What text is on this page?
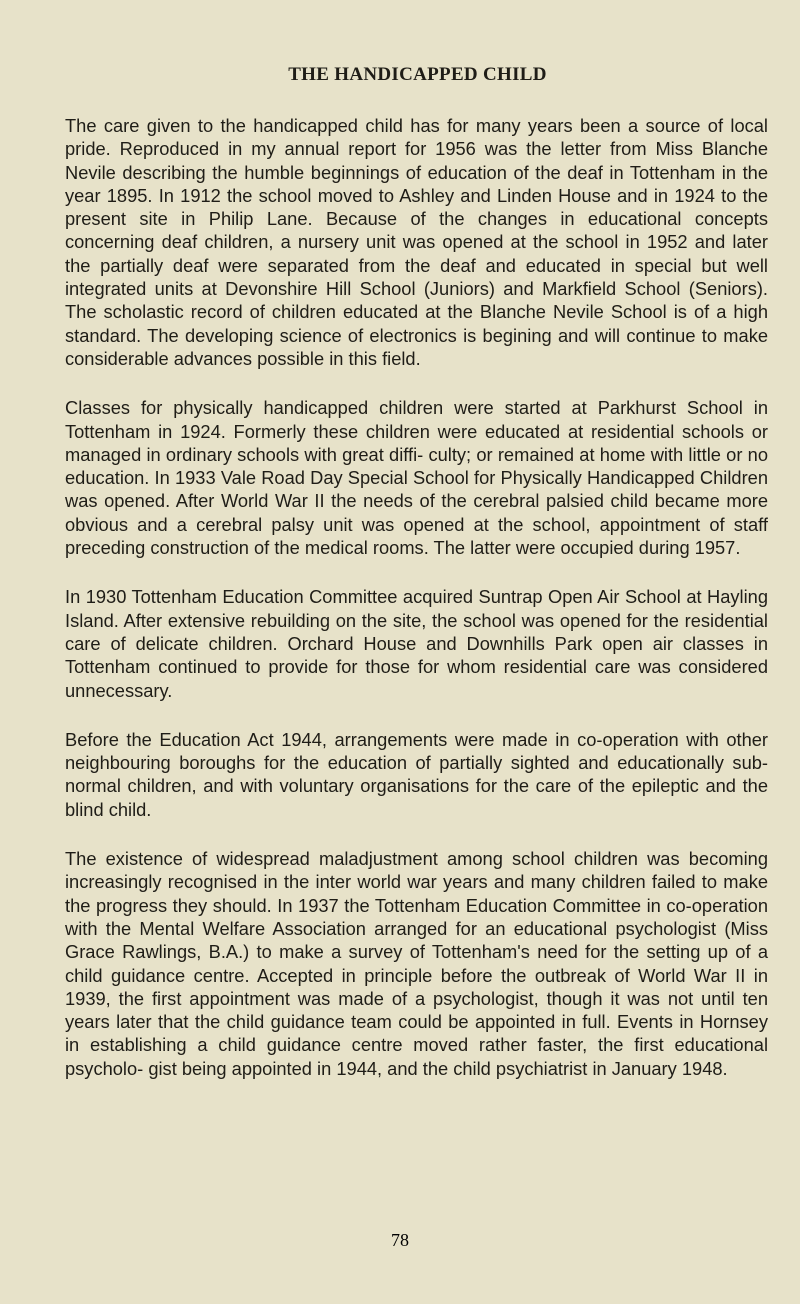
THE HANDICAPPED CHILD

The care given to the handicapped child has for many years been a source of local pride. Reproduced in my annual report for 1956 was the letter from Miss Blanche Nevile describing the humble beginnings of education of the deaf in Tottenham in the year 1895. In 1912 the school moved to Ashley and Linden House and in 1924 to the present site in Philip Lane. Because of the changes in educational concepts concerning deaf children, a nursery unit was opened at the school in 1952 and later the partially deaf were separated from the deaf and educated in special but well integrated units at Devonshire Hill School (Juniors) and Markfield School (Seniors). The scholastic record of children educated at the Blanche Nevile School is of a high standard. The developing science of electronics is begining and will continue to make considerable advances possible in this field.

Classes for physically handicapped children were started at Parkhurst School in Tottenham in 1924. Formerly these children were educated at residential schools or managed in ordinary schools with great diffi- culty; or remained at home with little or no education. In 1933 Vale Road Day Special School for Physically Handicapped Children was opened. After World War II the needs of the cerebral palsied child became more obvious and a cerebral palsy unit was opened at the school, appointment of staff preceding construction of the medical rooms. The latter were occupied during 1957.

In 1930 Tottenham Education Committee acquired Suntrap Open Air School at Hayling Island. After extensive rebuilding on the site, the school was opened for the residential care of delicate children. Orchard House and Downhills Park open air classes in Tottenham continued to provide for those for whom residential care was considered unnecessary.

Before the Education Act 1944, arrangements were made in co-operation with other neighbouring boroughs for the education of partially sighted and educationally sub-normal children, and with voluntary organisations for the care of the epileptic and the blind child.

The existence of widespread maladjustment among school children was becoming increasingly recognised in the inter world war years and many children failed to make the progress they should. In 1937 the Tottenham Education Committee in co-operation with the Mental Welfare Association arranged for an educational psychologist (Miss Grace Rawlings, B.A.) to make a survey of Tottenham's need for the setting up of a child guidance centre. Accepted in principle before the outbreak of World War II in 1939, the first appointment was made of a psychologist, though it was not until ten years later that the child guidance team could be appointed in full. Events in Hornsey in establishing a child guidance centre moved rather faster, the first educational psycholo- gist being appointed in 1944, and the child psychiatrist in January 1948.

78
